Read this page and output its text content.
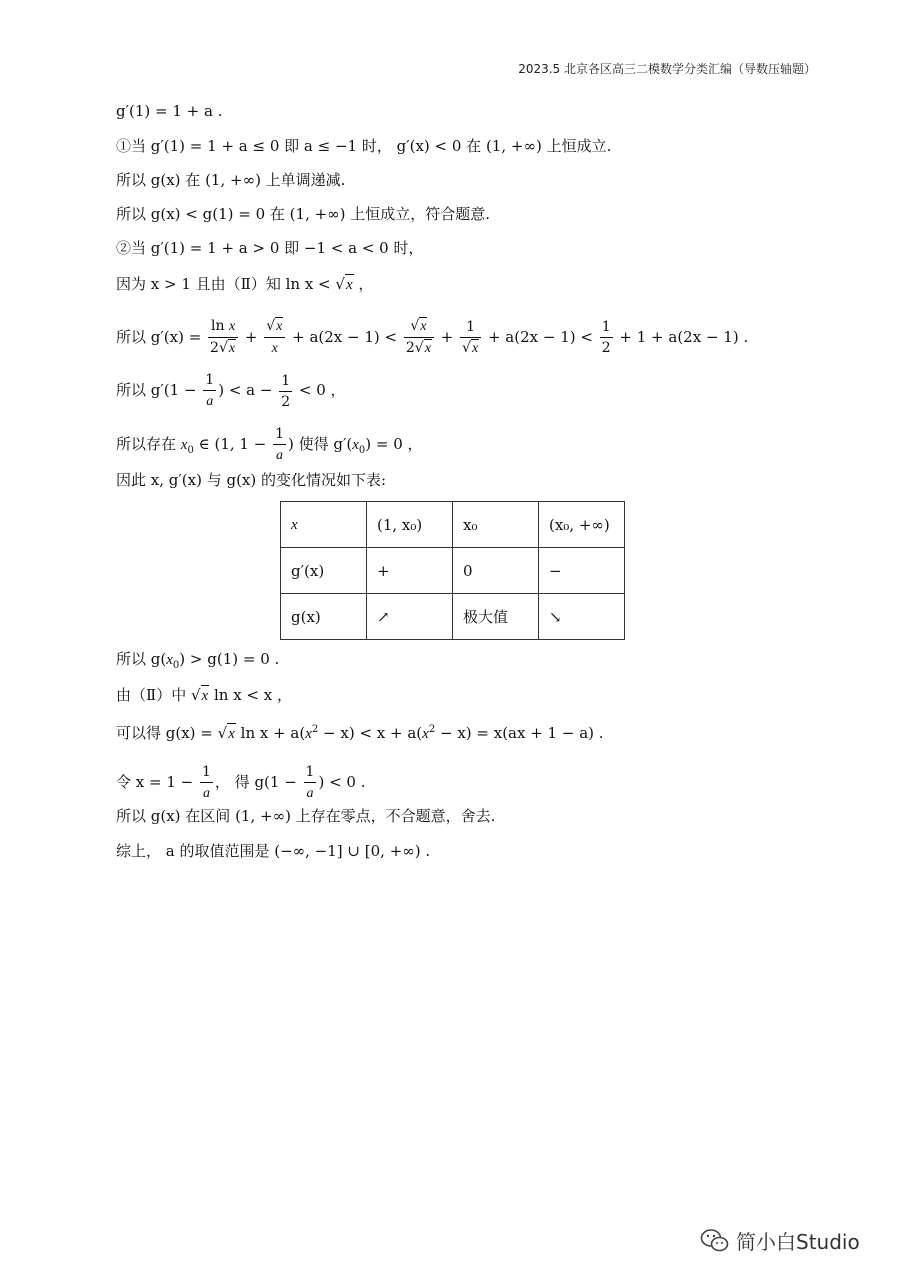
2023.5 北京各区高三二模数学分类汇编（导数压轴题）
g′(1) = 1 + a .
①当 g′(1) = 1 + a ≤ 0 即 a ≤ −1 时， g′(x) < 0 在 (1, +∞) 上恒成立.
所以 g(x) 在 (1, +∞) 上单调递减.
所以 g(x) < g(1) = 0 在 (1, +∞) 上恒成立，符合题意.
②当 g′(1) = 1 + a > 0 即 −1 < a < 0 时，
因为 x > 1 且由（Ⅱ）知 ln x < √x ，
所以 $g'(x) = \frac{\text{ln x}}{2√x} + \frac{√x}{x} + a(2x - 1) < \frac{√x}{2√x} + \frac{1}{√x} + a(2x - 1) < \frac{1}{2} + 1 + a(2x - 1)$ .
所以 $g'(1 - \frac{1}{a}$ ) < $a - \frac{1}{2} < 0$ ，
所以存在 $x_0$ ∈ (1, $1 - \frac{1}{a}$ ) 使得 $g'(x_0) = 0$ ，
因此 x, g′(x) 与 g(x) 的变化情况如下表:
x	(1, x₀)	x₀	(x₀, +∞)
g′(x)	+	0	−
g(x)	↗	极大值	↘
所以 $g(x_0) > g(1) = 0$ .
由（Ⅱ）中 √x ln x < x ，
可以得 g(x) = √x $\ln x + a(x^2 - x) < x + a(x^2 - x) = x(ax + 1 - a)$ .
令 $x = 1 - \frac{1}{a}$ ， 得 $g(1 - \frac{1}{a}$ ) < 0 .
所以 g(x) 在区间 (1, +∞) 上存在零点，不合题意，舍去.
综上， a 的取值范围是 (−∞, −1] ∪ [0, +∞) .
简小白Studio
